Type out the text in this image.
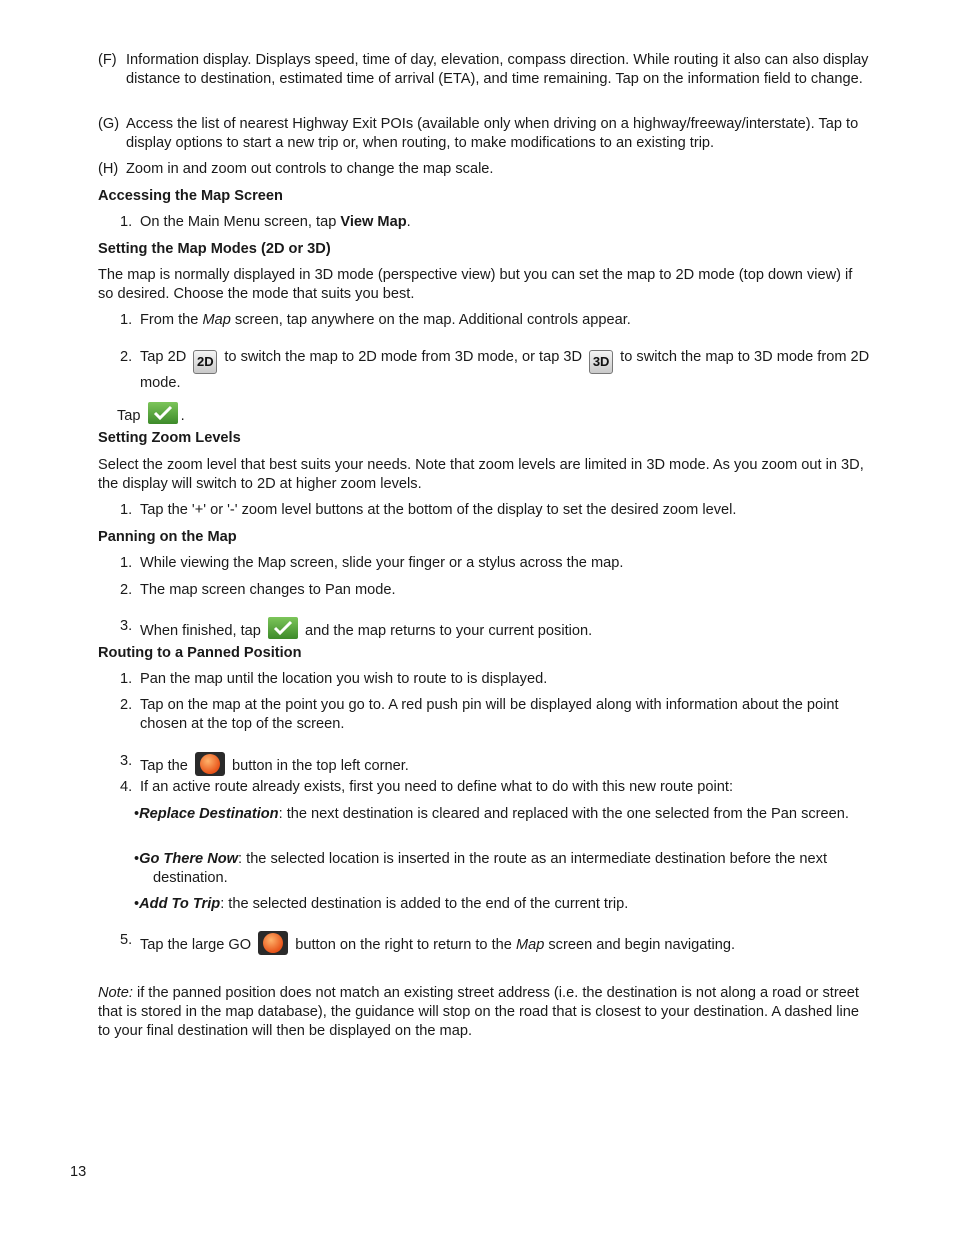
(F) Information display. Displays speed, time of day, elevation, compass direction. While routing it also can also display distance to destination, estimated time of arrival (ETA), and time remaining. Tap on the information field to change.
(G) Access the list of nearest Highway Exit POIs (available only when driving on a highway/freeway/interstate). Tap to display options to start a new trip or, when routing, to make modifications to an existing trip.
(H) Zoom in and zoom out controls to change the map scale.
Accessing the Map Screen
1. On the Main Menu screen, tap View Map.
Setting the Map Modes (2D or 3D)
The map is normally displayed in 3D mode (perspective view) but you can set the map to 2D mode (top down view) if so desired. Choose the mode that suits you best.
1. From the Map screen, tap anywhere on the map. Additional controls appear.
2. Tap 2D 2D to switch the map to 2D mode from 3D mode, or tap 3D 3D to switch the map to 3D mode from 2D mode.
Tap .
Setting Zoom Levels
Select the zoom level that best suits your needs. Note that zoom levels are limited in 3D mode. As you zoom out in 3D, the display will switch to 2D at higher zoom levels.
1. Tap the '+' or '-' zoom level buttons at the bottom of the display to set the desired zoom level.
Panning on the Map
1. While viewing the Map screen, slide your finger or a stylus across the map.
2. The map screen changes to Pan mode.
3. When finished, tap  and the map returns to your current position.
Routing to a Panned Position
1. Pan the map until the location you wish to route to is displayed.
2. Tap on the map at the point you go to. A red push pin will be displayed along with information about the point chosen at the top of the screen.
3. Tap the
button in the top left corner.
4. If an active route already exists, first you need to define what to do with this new route point:
•Replace Destination: the next destination is cleared and replaced with the one selected from the Pan screen.
•Go There Now: the selected location is inserted in the route as an intermediate destination before the next destination.
•Add To Trip: the selected destination is added to the end of the current trip.
5. Tap the large GO
button on the right to return to the Map screen and begin navigating.
Note: if the panned position does not match an existing street address (i.e. the destination is not along a road or street that is stored in the map database), the guidance will stop on the road that is closest to your destination. A dashed line to your final destination will then be displayed on the map.
13
